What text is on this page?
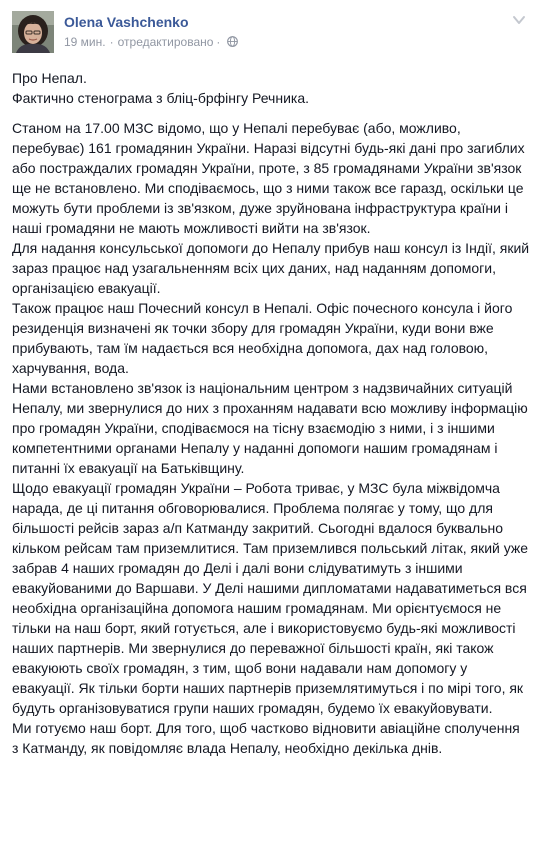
Olena Vashchenko
19 мин. · отредактировано ·

Про Непал.
Фактично стенограма з бліц-брфінгу Речника.

Станом на 17.00 МЗС відомо, що у Непалі перебуває (або, можливо, перебуває) 161 громадянин України. Наразі відсутні будь-які дані про загиблих або постраждалих громадян України, проте, з 85 громадянами України зв'язок ще не встановлено. Ми сподіваємось, що з ними також все гаразд, оскільки це можуть бути проблеми із зв'язком, дуже зруйнована інфраструктура країни і наші громадяни не мають можливості вийти на зв'язок.
Для надання консульської допомоги до Непалу прибув наш консул із Індії, який зараз працює над узагальненням всіх цих даних, над наданням допомоги, організацією евакуації.
Також працює наш Почесний консул в Непалі. Офіс почесного консула і його резиденція визначені як точки збору для громадян України, куди вони вже прибувають, там їм надається вся необхідна допомога, дах над головою, харчування, вода.
Нами встановлено зв'язок із національним центром з надзвичайних ситуацій Непалу, ми звернулися до них з проханням надавати всю можливу інформацію про громадян України, сподіваємося на тісну взаємодію з ними, і з іншими компетентними органами Непалу у наданні допомоги нашим громадянам і питанні їх евакуації на Батьківщину.
Щодо евакуації громадян України – Робота триває, у МЗС була міжвідомча нарада, де ці питання обговорювалися. Проблема полягає у тому, що для більшості рейсів зараз а/п Катманду закритий. Сьогодні вдалося буквально кільком рейсам там приземлитися. Там приземлився польський літак, який уже забрав 4 наших громадян до Делі і далі вони слідуватимуть з іншими евакуйованими до Варшави. У Делі нашими дипломатами надаватиметься вся необхідна організаційна допомога нашим громадянам. Ми орієнтуємося не тільки на наш борт, який готується, але і використовуємо будь-які можливості наших партнерів. Ми звернулися до переважної більшості країн, які також евакуюють своїх громадян, з тим, щоб вони надавали нам допомогу у евакуації. Як тільки борти наших партнерів приземлятимуться і по мірі того, як будуть організовуватися групи наших громадян, будемо їх евакуйовувати.
Ми готуємо наш борт. Для того, щоб частково відновити авіаційне сполучення з Катманду, як повідомляє влада Непалу, необхідно декілька днів.
